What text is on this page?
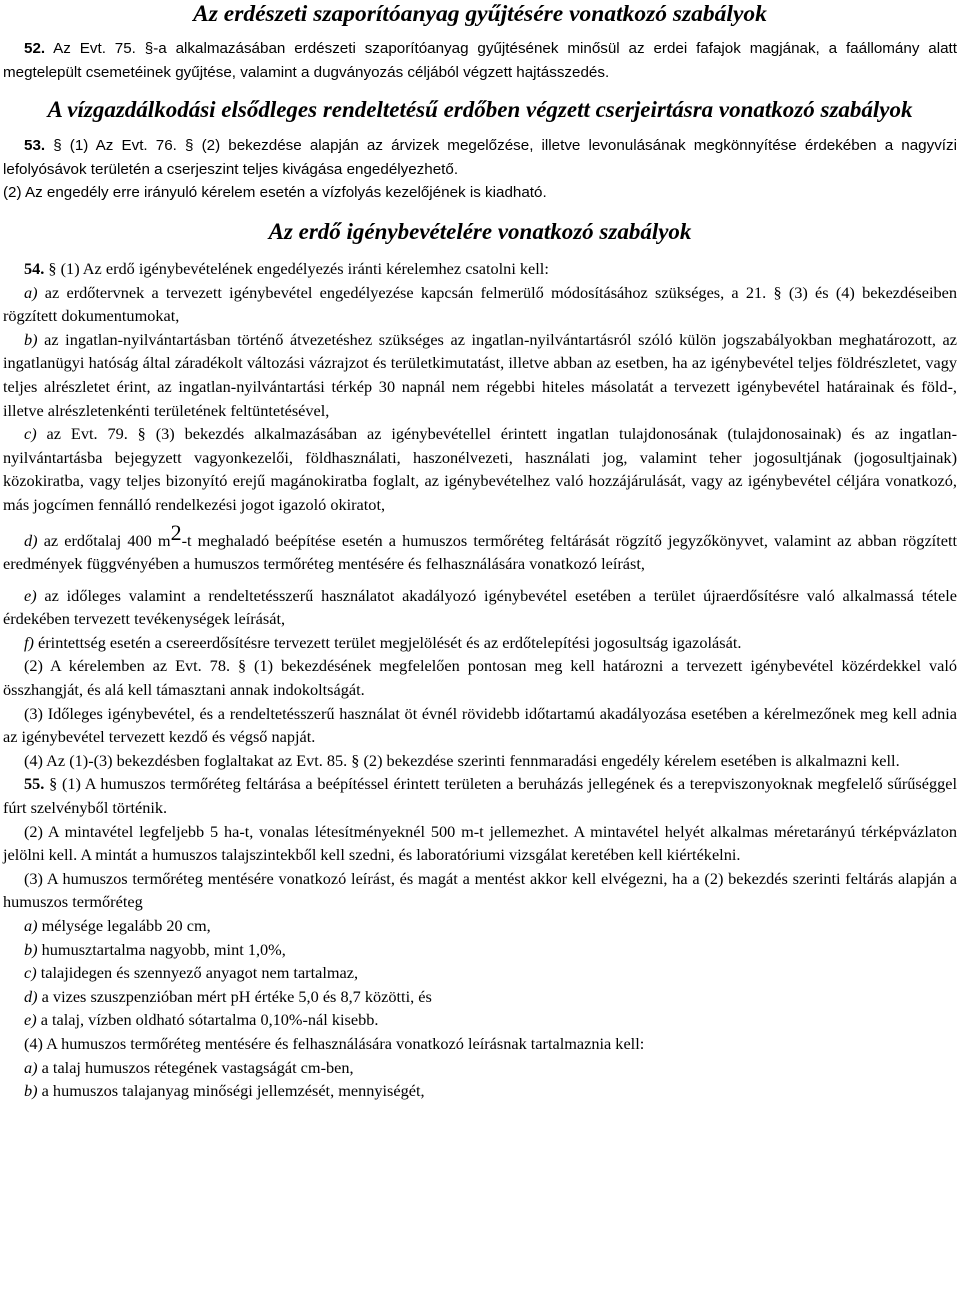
Az erdészeti szaporítóanyag gyűjtésére vonatkozó szabályok

52. Az Evt. 75. §-a alkalmazásában erdészeti szaporítóanyag gyűjtésének minősül az erdei fafajok magjának, a faállomány alatt megtelepült csemetéinek gyűjtése, valamint a dugványozás céljából végzett hajtásszedés.

A vízgazdálkodási elsődleges rendeltetésű erdőben végzett cserjeirtásra vonatkozó szabályok

53. § (1) Az Evt. 76. § (2) bekezdése alapján az árvizek megelőzése, illetve levonulásának megkönnyítése érdekében a nagyvízi lefolyósávok területén a cserjeszint teljes kivágása engedélyezhető.

(2) Az engedély erre irányuló kérelem esetén a vízfolyás kezelőjének is kiadható.

Az erdő igénybevételére vonatkozó szabályok

54. § (1) Az erdő igénybevételének engedélyezés iránti kérelemhez csatolni kell:

a) az erdőtervnek a tervezett igénybevétel engedélyezése kapcsán felmerülő módosításához szükséges, a 21. § (3) és (4) bekezdéseiben rögzített dokumentumokat,

b) az ingatlan-nyilvántartásban történő átvezetéshez szükséges az ingatlan-nyilvántartásról szóló külön jogszabályokban meghatározott, az ingatlanügyi hatóság által záradékolt változási vázrajzot és területkimutatást, illetve abban az esetben, ha az igénybevétel teljes földrészletet, vagy teljes alrészletet érint, az ingatlan-nyilvántartási térkép 30 napnál nem régebbi hiteles másolatát a tervezett igénybevétel határainak és föld-, illetve alrészletenkénti területének feltüntetésével,

c) az Evt. 79. § (3) bekezdés alkalmazásában az igénybevétellel érintett ingatlan tulajdonosának (tulajdonosainak) és az ingatlan-nyilvántartásba bejegyzett vagyonkezelői, földhasználati, haszonélvezeti, használati jog, valamint teher jogosultjának (jogosultjainak) közokiratba, vagy teljes bizonyító erejű magánokiratba foglalt, az igénybevételhez való hozzájárulását, vagy az igénybevétel céljára vonatkozó, más jogcímen fennálló rendelkezési jogot igazoló okiratot,

d) az erdőtalaj 400 $m^2-t$ meghaladó beépítése esetén a humuszos termőréteg feltárását rögzítő jegyzőkönyvet, valamint az abban rögzített eredmények függvényében a humuszos termőréteg mentésére és felhasználására vonatkozó leírást,

e) az időleges valamint a rendeltetésszerű használatot akadályozó igénybevétel esetében a terület újraerdősítésre való alkalmassá tétele érdekében tervezett tevékenységek leírását,

f) érintettség esetén a csereerdősítésre tervezett terület megjelölését és az erdőtelepítési jogosultság igazolását.

(2) A kérelemben az Evt. 78. § (1) bekezdésének megfelelően pontosan meg kell határozni a tervezett igénybevétel közérdekkel való összhangját, és alá kell támasztani annak indokoltságát.

(3) Időleges igénybevétel, és a rendeltetésszerű használat öt évnél rövidebb időtartamú akadályozása esetében a kérelmezőnek meg kell adnia az igénybevétel tervezett kezdő és végső napját.

(4) Az (1)-(3) bekezdésben foglaltakat az Evt. 85. § (2) bekezdése szerinti fennmaradási engedély kérelem esetében is alkalmazni kell.

55. § (1) A humuszos termőréteg feltárása a beépítéssel érintett területen a beruházás jellegének és a terepviszonyoknak megfelelő sűrűséggel fúrt szelvényből történik.

(2) A mintavétel legfeljebb 5 ha-t, vonalas létesítményeknél 500 m-t jellemezhet. A mintavétel helyét alkalmas méretarányú térképvázlaton jelölni kell. A mintát a humuszos talajszintekből kell szedni, és laboratóriumi vizsgálat keretében kell kiértékelni.

(3) A humuszos termőréteg mentésére vonatkozó leírást, és magát a mentést akkor kell elvégezni, ha a (2) bekezdés szerinti feltárás alapján a humuszos termőréteg

a) mélysége legalább 20 cm,

b) humusztartalma nagyobb, mint 1,0%,

c) talajidegen és szennyező anyagot nem tartalmaz,

d) a vizes szuszpenzióban mért pH értéke 5,0 és 8,7 közötti, és

e) a talaj, vízben oldható sótartalma 0,10%-nál kisebb.

(4) A humuszos termőréteg mentésére és felhasználására vonatkozó leírásnak tartalmaznia kell:

a) a talaj humuszos rétegének vastagságát cm-ben,

b) a humuszos talajanyag minőségi jellemzését, mennyiségét,
